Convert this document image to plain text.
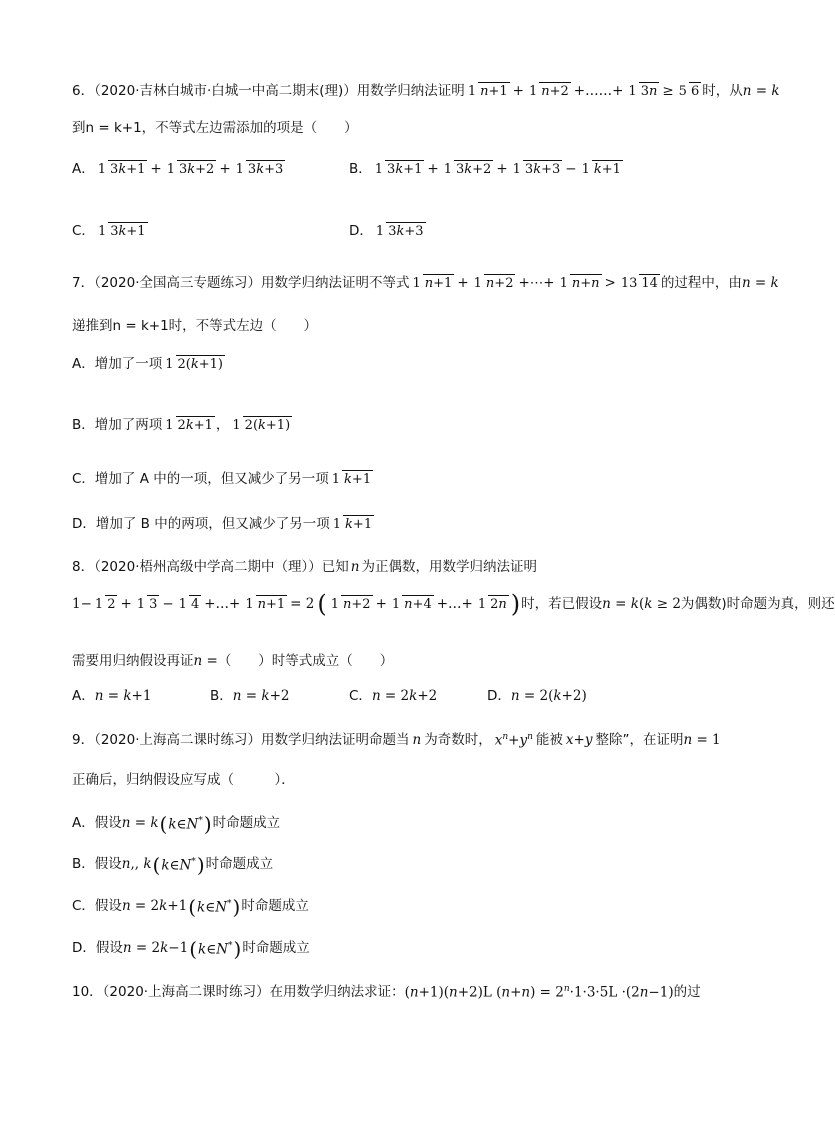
6．（2020·吉林白城市·白城一中高二期末(理)）用数学归纳法证明 1 n+1 + 1 n+2 +……+ 1 3n ≥ 5 6 时，从 n = k
到n = k+1，不等式左边需添加的项是（　　）
A． 1 3k+1 + 1 3k+2 + 1 3k+3	B． 1 3k+1 + 1 3k+2 + 1 3k+3 − 1 k+1
C． 1 3k+1	D． 1 3k+3
7．（2020·全国高三专题练习）用数学归纳法证明不等式 1 n+1 + 1 n+2 +⋯+ 1 n+n > 13 14 的过程中，由 n = k
递推到n = k+1时，不等式左边（　　）
A．增加了一项 1 2(k+1)
B．增加了两项 1 2k+1 ， 1 2(k+1)
C．增加了 A 中的一项，但又减少了另一项 1 k+1
D．增加了 B 中的两项，但又减少了另一项 1 k+1
8．（2020·梧州高级中学高二期中（理））已知 n 为正偶数，用数学归纳法证明
1− 1 2 + 1 3 − 1 4 +…+ 1 n+1 = 2 ( 1 n+2 + 1 n+4 +…+ 1 2n ) 时，若已假设 n = k(k ≥ 2 为偶数)时命题为真，则还
需要用归纳假设再证 n = （　　）时等式成立（　　）
A． n = k+1	B． n = k+2	C． n = 2k+2	D． n = 2(k+2)
9．（2020·上海高二课时练习）用数学归纳法证明命题当 n 为奇数时， $x^n+y^n$ 能被 x+y 整除”，在证明 n = 1
正确后，归纳假设应写成（　　　）．
A．假设 n = k ( k∈N* ) 时命题成立
B．假设 n,, k ( k∈N* ) 时命题成立
C．假设 n = 2k+1 ( k∈N* ) 时命题成立
D．假设 n = 2k−1 ( k∈N* ) 时命题成立
10．（2020·上海高二课时练习）在用数学归纳法求证： (n+1)(n+2)L $(n+n) = 2^n\cdot 1\cdot 3\cdot 5L \cdot(2n-1)$ 的过
